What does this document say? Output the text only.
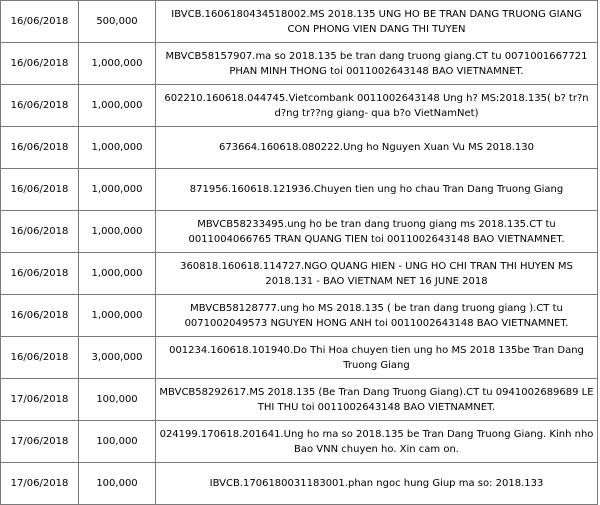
16/06/2018	500,000	IBVCB.1606180434518002.MS 2018.135 UNG HO BE TRAN DANG TRUONG GIANG CON PHONG VIEN DANG THI TUYEN
16/06/2018	1,000,000	MBVCB58157907.ma so 2018.135 be tran dang truong giang.CT tu 0071001667721 PHAN MINH THONG toi 0011002643148 BAO VIETNAMNET.
16/06/2018	1,000,000	602210.160618.044745.Vietcombank 0011002643148 Ung h? MS:2018.135( b? tr?n d?ng tr??ng giang- qua b?o VietNamNet)
16/06/2018	1,000,000	673664.160618.080222.Ung ho Nguyen Xuan Vu MS 2018.130
16/06/2018	1,000,000	871956.160618.121936.Chuyen tien ung ho chau Tran Dang Truong Giang
16/06/2018	1,000,000	MBVCB58233495.ung ho be tran dang truong giang ms 2018.135.CT tu 0011004066765 TRAN QUANG TIEN toi 0011002643148 BAO VIETNAMNET.
16/06/2018	1,000,000	360818.160618.114727.NGO QUANG HIEN - UNG HO CHI TRAN THI HUYEN MS 2018.131 - BAO VIETNAM NET 16 JUNE 2018
16/06/2018	1,000,000	MBVCB58128777.ung ho MS 2018.135 ( be tran dang truong giang ).CT tu 0071002049573 NGUYEN HONG ANH toi 0011002643148 BAO VIETNAMNET.
16/06/2018	3,000,000	001234.160618.101940.Do Thi Hoa chuyen tien ung ho MS 2018 135be Tran Dang Truong Giang
17/06/2018	100,000	MBVCB58292617.MS 2018.135 (Be Tran Dang Truong Giang).CT tu 0941002689689 LE THI THU toi 0011002643148 BAO VIETNAMNET.
17/06/2018	100,000	024199.170618.201641.Ung ho ma so 2018.135 be Tran Dang Truong Giang. Kinh nho Bao VNN chuyen ho. Xin cam on.
17/06/2018	100,000	IBVCB.1706180031183001.phan ngoc hung Giup ma so: 2018.133
